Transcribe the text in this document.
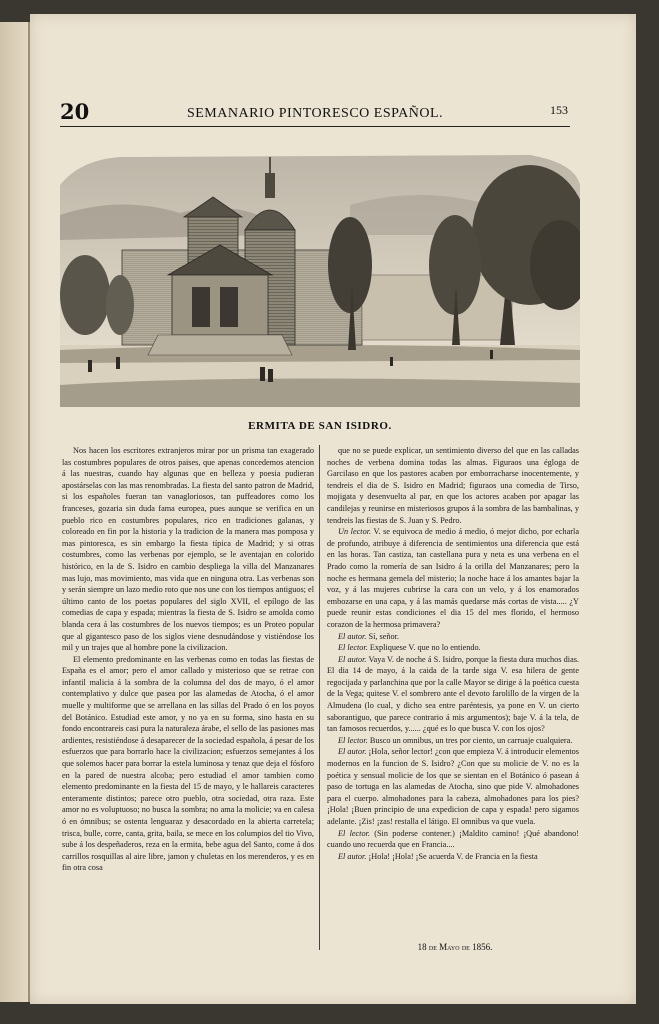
20	SEMANARIO PINTORESCO ESPAÑOL.	153
ERMITA DE SAN ISIDRO.

Nos hacen los escritores extranjeros mirar por un prisma tan exagerado las costumbres populares de otros paises, que apenas concedemos atencion á las nuestras, cuando hay algunas que en belleza y poesia pudieran apostárselas con las mas renombradas. La fiesta del santo patron de Madrid, si los españoles fueran tan vanagloriosos, tan puffeadores como los franceses, gozaria sin duda fama europea, pues aunque se verifica en un pueblo rico en costumbres populares, rico en tradiciones galanas, y coloreado en fin por la historia y la tradicion de la manera mas pomposa y mas pintoresca, es sin embargo la fiesta típica de Madrid; y si otras costumbres, como las verbenas por ejemplo, se le aventajan en colorido histórico, en la de S. Isidro en cambio despliega la villa del Manzanares mas lujo, mas movimiento, mas vida que en ninguna otra. Las verbenas son y serán siempre un lazo medio roto que nos une con los tiempos antiguos; el último canto de los poetas populares del siglo XVII, el epílogo de las comedias de capa y espada; mientras la fiesta de S. Isidro se amolda como blanda cera á las costumbres de los nuevos tiempos; es un Proteo popular que al gigantesco paso de los siglos viene desnudándose y vistiéndose los mil y un trajes que al hombre pone la civilizacion.

El elemento predominante en las verbenas como en todas las fiestas de España es el amor; pero el amor callado y misterioso que se retrae con infantil malicia á la sombra de la columna del dos de mayo, ó el amor contemplativo y dulce que pasea por las alamedas de Atocha, ó el amor muelle y multiforme que se arrellana en las sillas del Prado ó en los poyos del Botánico. Estudiad este amor, y no ya en su forma, sino hasta en su fondo encontrareis casi pura la naturaleza árabe, el sello de las pasiones mas ardientes, resistiéndose á desaparecer de la sociedad española, á pesar de los esfuerzos que para borrarlo hace la civilizacion; esfuerzos semejantes á los que solemos hacer para borrar la estela luminosa y tenaz que deja el fósforo en la pared de nuestra alcoba; pero estudiad el amor tambien como elemento predominante en la fiesta del 15 de mayo, y le hallareis caracteres enteramente distintos; parece otro pueblo, otra sociedad, otra raza. Este amor no es voluptuoso; no busca la sombra; no ama la molicie; va en calesa ó en ómnibus; se ostenta lenguaraz y desacordado en la abierta carretela; trisca, bulle, corre, canta, grita, baila, se mece en los columpios del tio Vivo, sube á los despeñaderos, reza en la ermita, bebe agua del Santo, come á dos carrillos rosquillas al aire libre, jamon y chuletas en los merenderos, y es en fin otra cosa

que no se puede explicar, un sentimiento diverso del que en las calladas noches de verbena domina todas las almas. Figuraos una égloga de Garcilaso en que los pastores acaben por emborracharse inocentemente, y tendreis el dia de S. Isidro en Madrid; figuraos una comedia de Tirso, mojigata y desenvuelta al par, en que los actores acaben por apagar las candilejas y reunirse en misteriosos grupos á la sombra de las bambalinas, y tendreis las fiestas de S. Juan y S. Pedro.

Un lector. V. se equivoca de medio á medio, ó mejor dicho, por echarla de profundo, atribuye á diferencia de sentimientos una diferencia que está en las horas. Tan castiza, tan castellana pura y neta es una verbena en el Prado como la romería de san Isidro á la orilla del Manzanares; pero la noche es hermana gemela del misterio; la noche hace á los amantes bajar la voz, y á las mujeres cubrirse la cara con un velo, y á los enamorados embozarse en una capa, y á las mamás quedarse más cortas de vista..... ¿Y puede reunir estas condiciones el dia 15 del mes florido, el hermoso corazon de la hermosa primavera?

El autor. Sí, señor.

El lector. Expliquese V. que no lo entiendo.

El autor. Vaya V. de noche á S. Isidro, porque la fiesta dura muchos dias. El dia 14 de mayo, á la caida de la tarde siga V. esa hilera de gente regocijada y parlanchina que por la calle Mayor se dirige á la poética cuesta de la Vega; quitese V. el sombrero ante el devoto farolillo de la virgen de la Almudena (lo cual, y dicho sea entre paréntesis, ya pone en V. un cierto saborantiguo, que parece contrario á mis argumentos); baje V. á la tela, de tan famosos recuerdos, y...... ¿qué es lo que busca V. con los ojos?

El lector. Busco un omnibus, un tres por ciento, un carruaje cualquiera.

El autor. ¡Hola, señor lector! ¿con que empieza V. á introducir elementos modernos en la funcion de S. Isidro? ¿Con que su molicie de V. no es la poética y sensual molicie de los que se sientan en el Botánico ó pasean á paso de tortuga en las alamedas de Atocha, sino que pide V. almohadones para el cuerpo. almohadones para la cabeza, almohadones para los pies? ¡Hola! ¡Buen principio de una expedicion de capa y espada! pero sigamos adelante. ¡Zis! ¡zas! restalla el látigo. El omnibus va que vuela.

El lector. (Sin poderse contener.) ¡Maldito camino! ¡Qué abandono! cuando uno recuerda que en Francia....

El autor. ¡Hola! ¡Hola! ¡Se acuerda V. de Francia en la fiesta

18 de Mayo de 1856.
